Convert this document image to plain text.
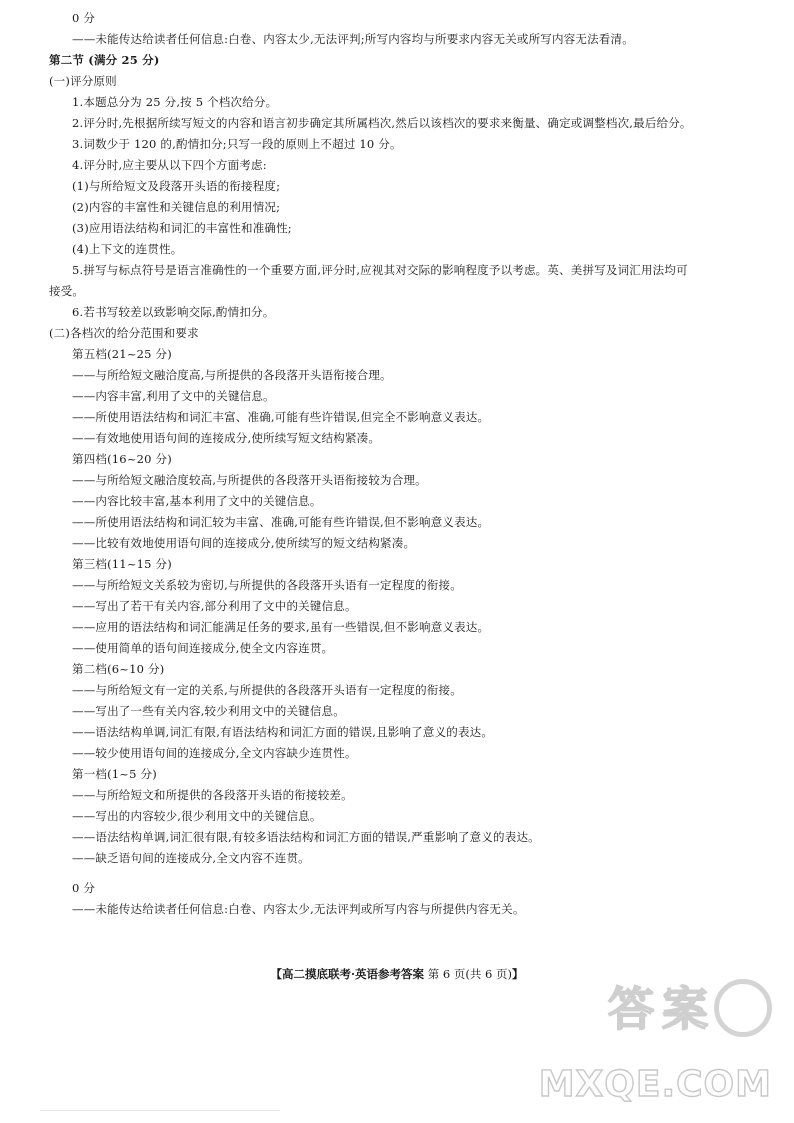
0 分
——未能传达给读者任何信息:白卷、内容太少,无法评判;所写内容均与所要求内容无关或所写内容无法看清。
第二节 (满分 25 分)
(一)评分原则
1.本题总分为 25 分,按 5 个档次给分。
2.评分时,先根据所续写短文的内容和语言初步确定其所属档次,然后以该档次的要求来衡量、确定或调整档次,最后给分。
3.词数少于 120 的,酌情扣分;只写一段的原则上不超过 10 分。
4.评分时,应主要从以下四个方面考虑:
(1)与所给短文及段落开头语的衔接程度;
(2)内容的丰富性和关键信息的利用情况;
(3)应用语法结构和词汇的丰富性和准确性;
(4)上下文的连贯性。
5.拼写与标点符号是语言准确性的一个重要方面,评分时,应视其对交际的影响程度予以考虑。英、美拼写及词汇用法均可
接受。
6.若书写较差以致影响交际,酌情扣分。
(二)各档次的给分范围和要求
第五档(21~25 分)
——与所给短文融洽度高,与所提供的各段落开头语衔接合理。
——内容丰富,利用了文中的关键信息。
——所使用语法结构和词汇丰富、准确,可能有些许错误,但完全不影响意义表达。
——有效地使用语句间的连接成分,使所续写短文结构紧凑。
第四档(16~20 分)
——与所给短文融洽度较高,与所提供的各段落开头语衔接较为合理。
——内容比较丰富,基本利用了文中的关键信息。
——所使用语法结构和词汇较为丰富、准确,可能有些许错误,但不影响意义表达。
——比较有效地使用语句间的连接成分,使所续写的短文结构紧凑。
第三档(11~15 分)
——与所给短文关系较为密切,与所提供的各段落开头语有一定程度的衔接。
——写出了若干有关内容,部分利用了文中的关键信息。
——应用的语法结构和词汇能满足任务的要求,虽有一些错误,但不影响意义表达。
——使用简单的语句间连接成分,使全文内容连贯。
第二档(6~10 分)
——与所给短文有一定的关系,与所提供的各段落开头语有一定程度的衔接。
——写出了一些有关内容,较少利用文中的关键信息。
——语法结构单调,词汇有限,有语法结构和词汇方面的错误,且影响了意义的表达。
——较少使用语句间的连接成分,全文内容缺少连贯性。
第一档(1~5 分)
——与所给短文和所提供的各段落开头语的衔接较差。
——写出的内容较少,很少利用文中的关键信息。
——语法结构单调,词汇很有限,有较多语法结构和词汇方面的错误,严重影响了意义的表达。
——缺乏语句间的连接成分,全文内容不连贯。
0 分
——未能传达给读者任何信息:白卷、内容太少,无法评判或所写内容与所提供内容无关。
【高二摸底联考·英语参考答案 第 6 页(共 6 页)】
答 案
MXQE.COM
